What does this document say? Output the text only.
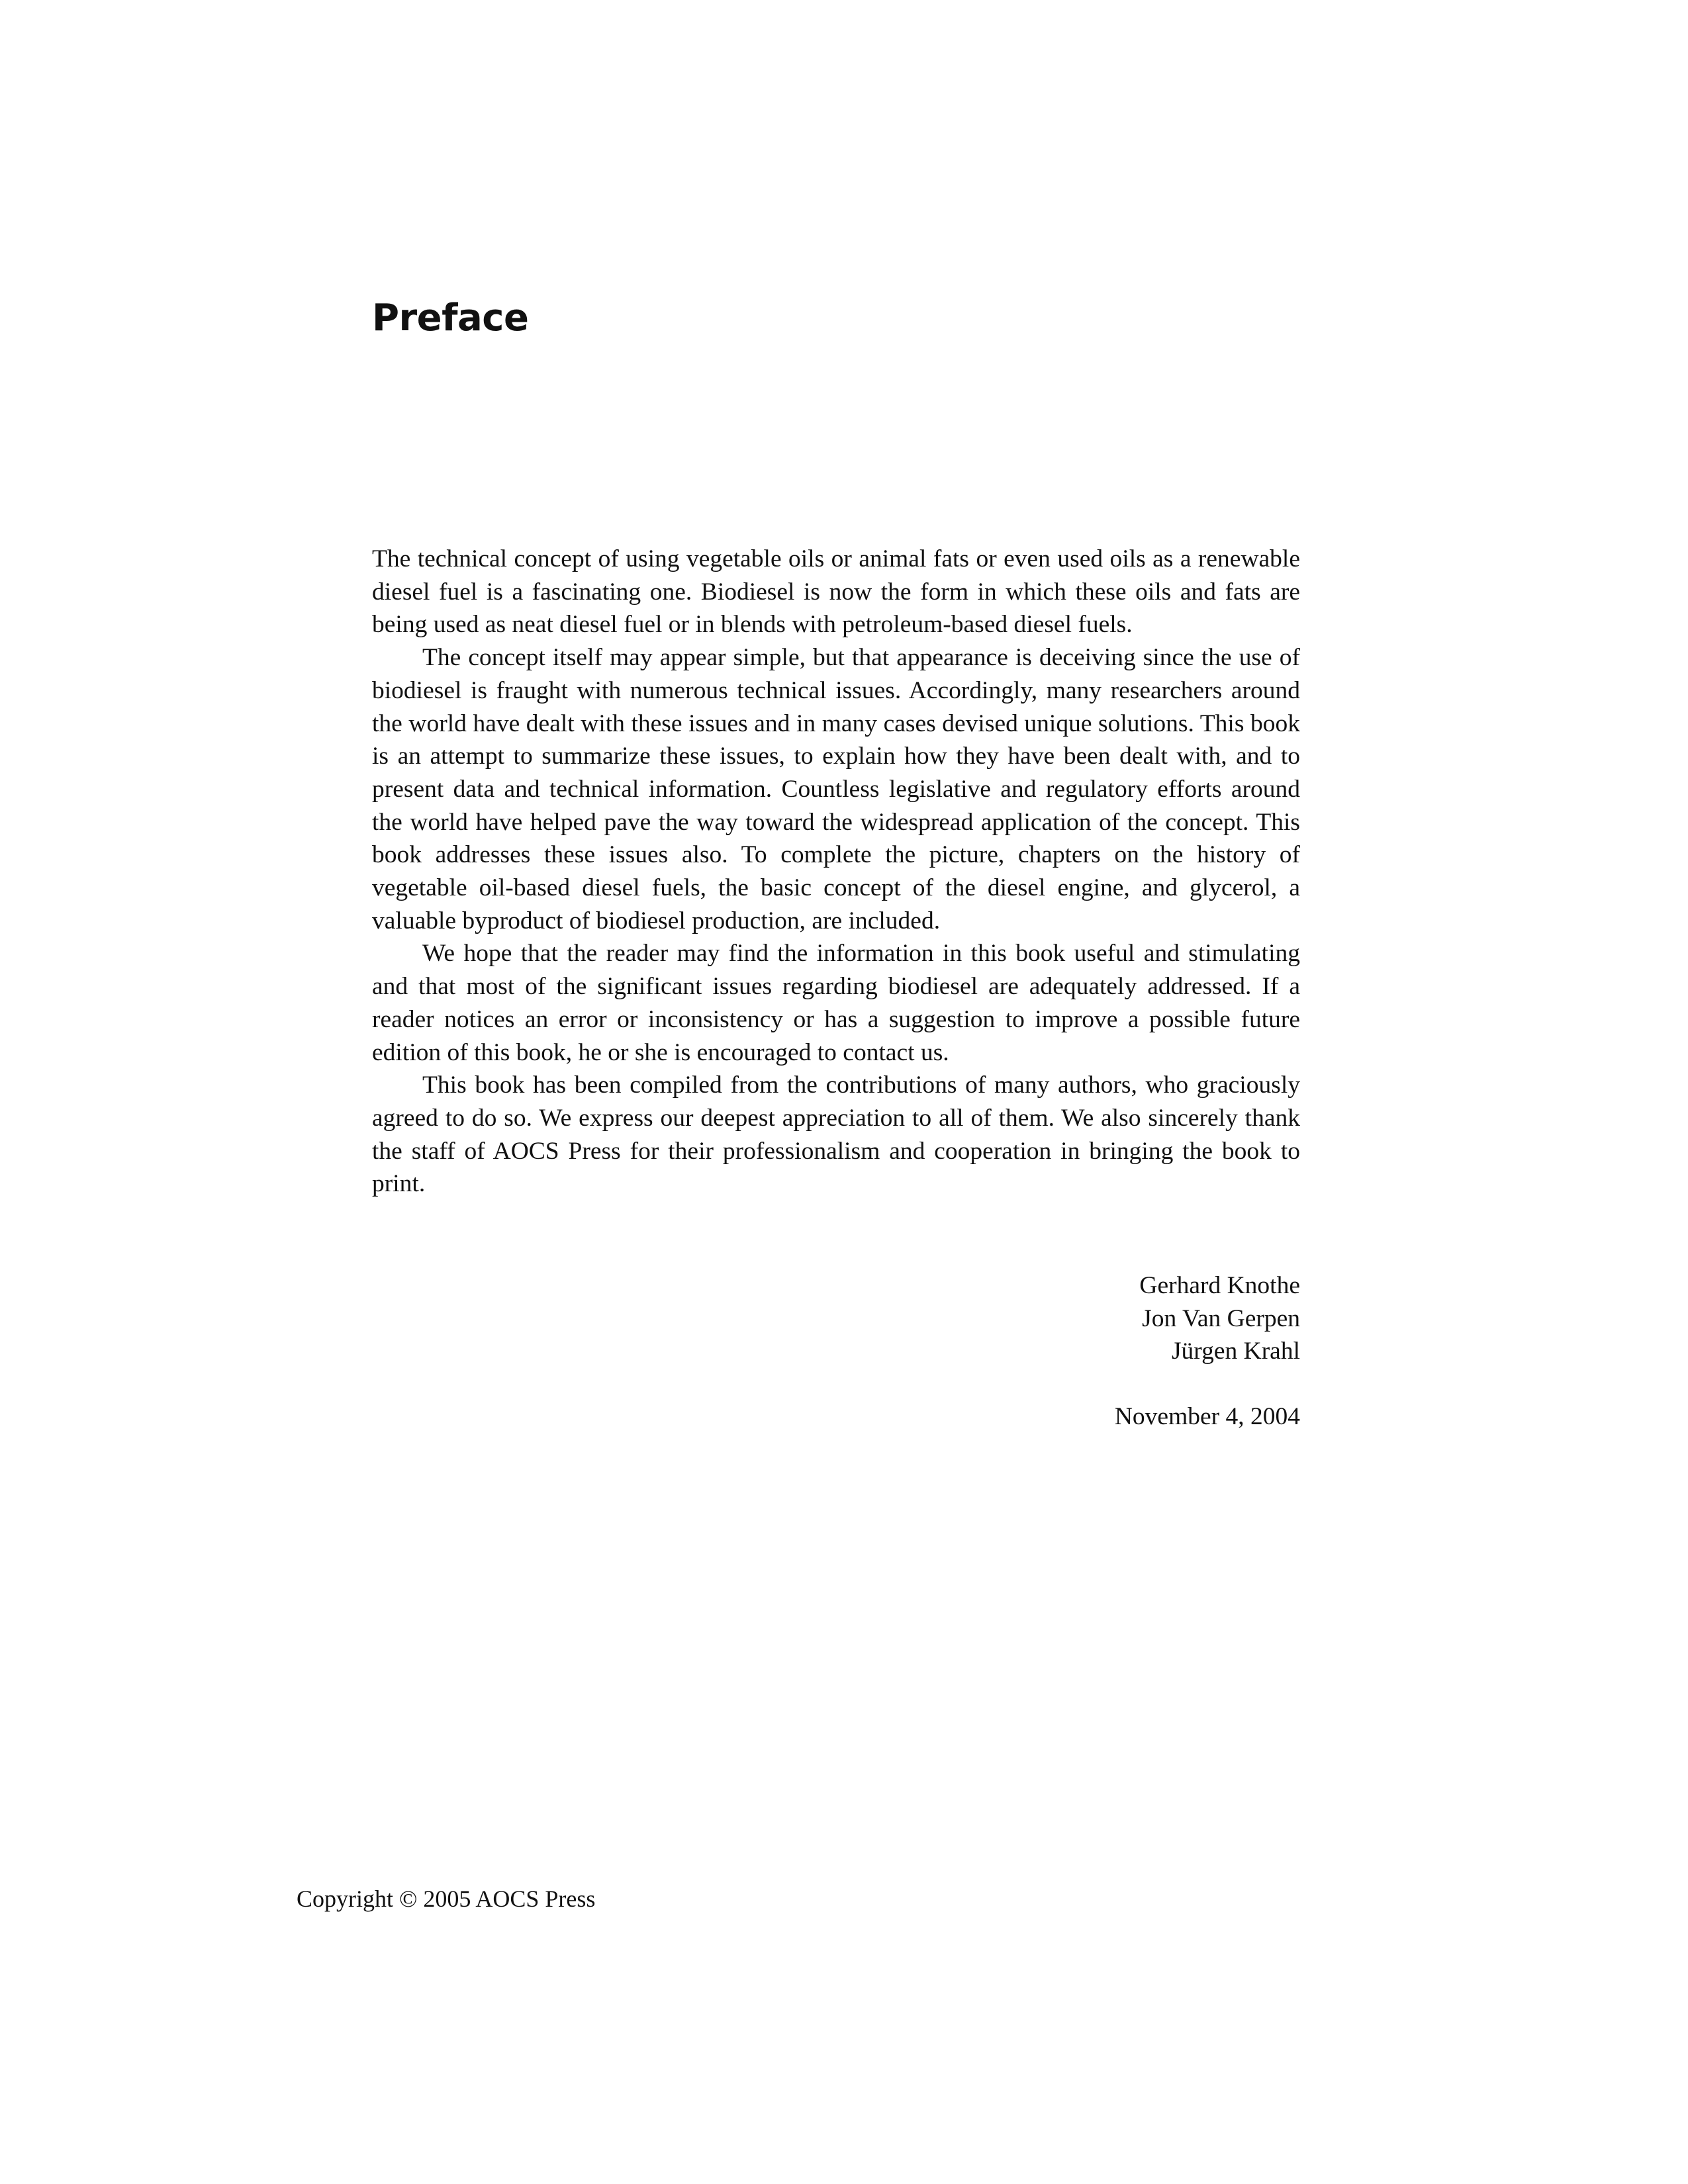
Preface

The technical concept of using vegetable oils or animal fats or even used oils as a renewable diesel fuel is a fascinating one. Biodiesel is now the form in which these oils and fats are being used as neat diesel fuel or in blends with petroleum-based diesel fuels.

The concept itself may appear simple, but that appearance is deceiving since the use of biodiesel is fraught with numerous technical issues. Accordingly, many researchers around the world have dealt with these issues and in many cases devised unique solutions. This book is an attempt to summarize these issues, to explain how they have been dealt with, and to present data and technical information. Countless legislative and regulatory efforts around the world have helped pave the way toward the widespread application of the concept. This book addresses these issues also. To complete the picture, chapters on the history of vegetable oil-based diesel fuels, the basic concept of the diesel engine, and glycerol, a valuable byproduct of biodiesel production, are included.

We hope that the reader may find the information in this book useful and stimulating and that most of the significant issues regarding biodiesel are adequately addressed. If a reader notices an error or inconsistency or has a suggestion to improve a possible future edition of this book, he or she is encouraged to contact us.

This book has been compiled from the contributions of many authors, who graciously agreed to do so. We express our deepest appreciation to all of them. We also sincerely thank the staff of AOCS Press for their professionalism and cooperation in bringing the book to print.

Gerhard Knothe
Jon Van Gerpen
Jürgen Krahl
November 4, 2004
Copyright © 2005 AOCS Press
